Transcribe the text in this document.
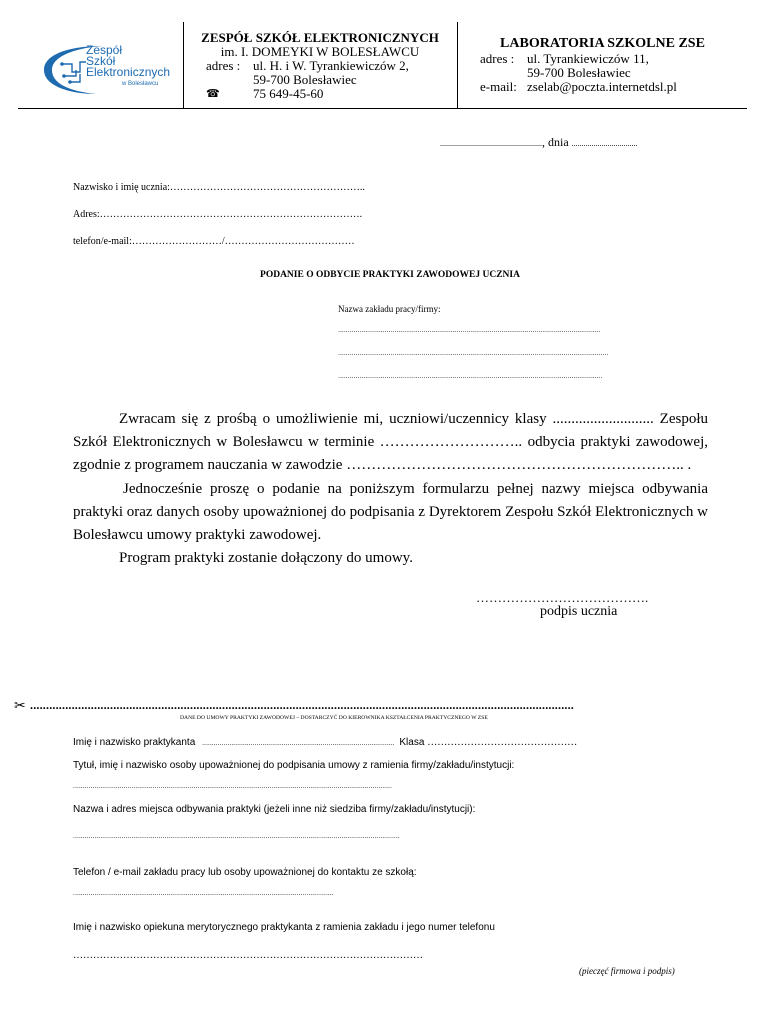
Zespół
Szkół
Elektronicznych
w Bolesławcu
ZESPÓŁ SZKÓŁ ELEKTRONICZNYCH
im. I. DOMEYKI W BOLESŁAWCU
adres : ul. H. i W. Tyrankiewiczów 2,
59-700 Bolesławiec
☎	75 649-45-60
LABORATORIA SZKOLNE ZSE
adres : ul. Tyrankiewiczów 11,
59-700 Bolesławiec
e-mail: zselab@poczta.internetdsl.pl
..................................................., dnia .................................
Nazwisko i imię ucznia:…………………………………………………..
Adres:…………………………………………………………………….
telefon/e-mail:………………………/…………………………………
PODANIE O ODBYCIE PRAKTYKI ZAWODOWEJ UCZNIA
Nazwa zakładu pracy/firmy:
.......................................................................................................................................
...........................................................................................................................................
........................................................................................................................................
Zwracam się z prośbą o umożliwienie mi, uczniowi/uczennicy klasy ........................... Zespołu Szkół Elektronicznych w Bolesławcu w terminie ……………………….. odbycia praktyki zawodowej, zgodnie z programem nauczania w zawodzie ………………………………………………………….. .
Jednocześnie proszę o podanie na poniższym formularzu pełnej nazwy miejsca odbywania praktyki oraz danych osoby upoważnionej do podpisania z Dyrektorem Zespołu Szkół Elektronicznych w Bolesławcu umowy praktyki zawodowej.
Program praktyki zostanie dołączony do umowy.
………………………………….
podpis ucznia
✂ ..........................................................................................................................................................................
DANE DO UMOWY PRAKTYKI ZAWODOWEJ – DOSTARCZYĆ DO KIEROWNIKA KSZTAŁCENIA PRAKTYCZNEGO W ZSE
Imię i nazwisko praktykanta ................................................................................................... Klasa ………………………………………
Tytuł, imię i nazwisko osoby upoważnionej do podpisania umowy z ramienia firmy/zakładu/instytucji:
....................................................................................................................................................................
Nazwa i adres miejsca odbywania praktyki (jeżeli inne niż siedziba firmy/zakładu/instytucji):
........................................................................................................................................................................
Telefon / e-mail zakładu pracy lub osoby upoważnionej do kontaktu ze szkołą:
......................................................................................................................................
Imię i nazwisko opiekuna merytorycznego praktykanta z ramienia zakładu i jego numer telefonu
……………………………………………………………………………………………
(pieczęć firmowa i podpis)
